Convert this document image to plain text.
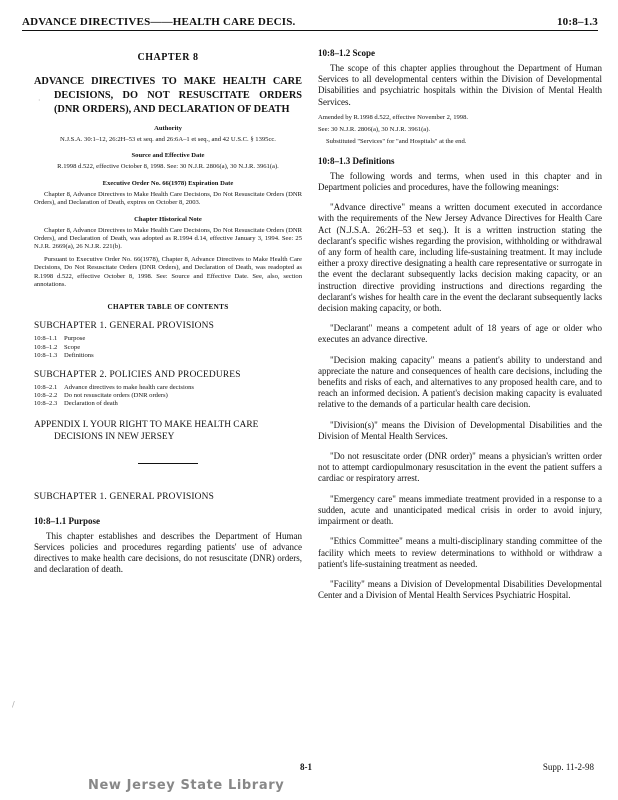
ADVANCE DIRECTIVES——HEALTH CARE DECIS.	10:8–1.3
·
/
CHAPTER 8
ADVANCE DIRECTIVES TO MAKE HEALTH CARE DECISIONS, DO NOT RESUSCITATE ORDERS (DNR ORDERS), AND DECLARATION OF DEATH
Authority

N.J.S.A. 30:1–12, 26:2H–53 et seq. and 26:6A–1 et seq., and 42 U.S.C. § 1395cc.

Source and Effective Date

R.1998 d.522, effective October 8, 1998. See: 30 N.J.R. 2806(a), 30 N.J.R. 3961(a).

Executive Order No. 66(1978) Expiration Date

Chapter 8, Advance Directives to Make Health Care Decisions, Do Not Resuscitate Orders (DNR Orders), and Declaration of Death, expires on October 8, 2003.

Chapter Historical Note

Chapter 8, Advance Directives to Make Health Care Decisions, Do Not Resuscitate Orders (DNR Orders), and Declaration of Death, was adopted as R.1994 d.14, effective January 3, 1994. See: 25 N.J.R. 2669(a), 26 N.J.R. 221(b).

Pursuant to Executive Order No. 66(1978), Chapter 8, Advance Directives to Make Health Care Decisions, Do Not Resuscitate Orders (DNR Orders), and Declaration of Death, was readopted as R.1998 d.522, effective October 8, 1998. See: Source and Effective Date. See, also, section annotations.

CHAPTER TABLE OF CONTENTS
SUBCHAPTER 1. GENERAL PROVISIONS
10:8–1.1	Purpose
10:8–1.2	Scope
10:8–1.3	Definitions
SUBCHAPTER 2. POLICIES AND PROCEDURES
10:8–2.1	Advance directives to make health care decisions
10:8–2.2	Do not resuscitate orders (DNR orders)
10:8–2.3	Declaration of death
APPENDIX I. YOUR RIGHT TO MAKE HEALTH CARE DECISIONS IN NEW JERSEY
SUBCHAPTER 1. GENERAL PROVISIONS
10:8–1.1 Purpose

This chapter establishes and describes the Department of Human Services policies and procedures regarding patients' use of advance directives to make health care decisions, do not resuscitate (DNR) orders, and declaration of death.

10:8–1.2 Scope

The scope of this chapter applies throughout the Department of Human Services to all developmental centers within the Division of Developmental Disabilities and psychiatric hospitals within the Division of Mental Health Services.

Amended by R.1998 d.522, effective November 2, 1998.
See: 30 N.J.R. 2806(a), 30 N.J.R. 3961(a).
Substituted "Services" for "and Hospitals" at the end.
10:8–1.3 Definitions

The following words and terms, when used in this chapter and in Department policies and procedures, have the following meanings:

"Advance directive" means a written document executed in accordance with the requirements of the New Jersey Advance Directives for Health Care Act (N.J.S.A. 26:2H–53 et seq.). It is a written instruction stating the declarant's specific wishes regarding the provision, withholding or withdrawal of any form of health care, including life-sustaining treatment. It may include either a proxy directive designating a health care representative or surrogate in the event the declarant subsequently lacks decision making capacity, or an instruction directive providing instructions and directions regarding the declarant's wishes for health care in the event the declarant subsequently lacks decision making capacity, or both.

"Declarant" means a competent adult of 18 years of age or older who executes an advance directive.

"Decision making capacity" means a patient's ability to understand and appreciate the nature and consequences of health care decisions, including the benefits and risks of each, and alternatives to any proposed health care, and to reach an informed decision. A patient's decision making capacity is evaluated relative to the demands of a particular health care decision.

"Division(s)" means the Division of Developmental Disabilities and the Division of Mental Health Services.

"Do not resuscitate order (DNR order)" means a physician's written order not to attempt cardiopulmonary resuscitation in the event the patient suffers a cardiac or respiratory arrest.

"Emergency care" means immediate treatment provided in a response to a sudden, acute and unanticipated medical crisis in order to avoid injury, impairment or death.

"Ethics Committee" means a multi-disciplinary standing committee of the facility which meets to review determinations to withhold or withdraw a patient's life-sustaining treatment as needed.

"Facility" means a Division of Developmental Disabilities Developmental Center and a Division of Mental Health Services Psychiatric Hospital.

8-1	Supp. 11-2-98
New Jersey State Library
